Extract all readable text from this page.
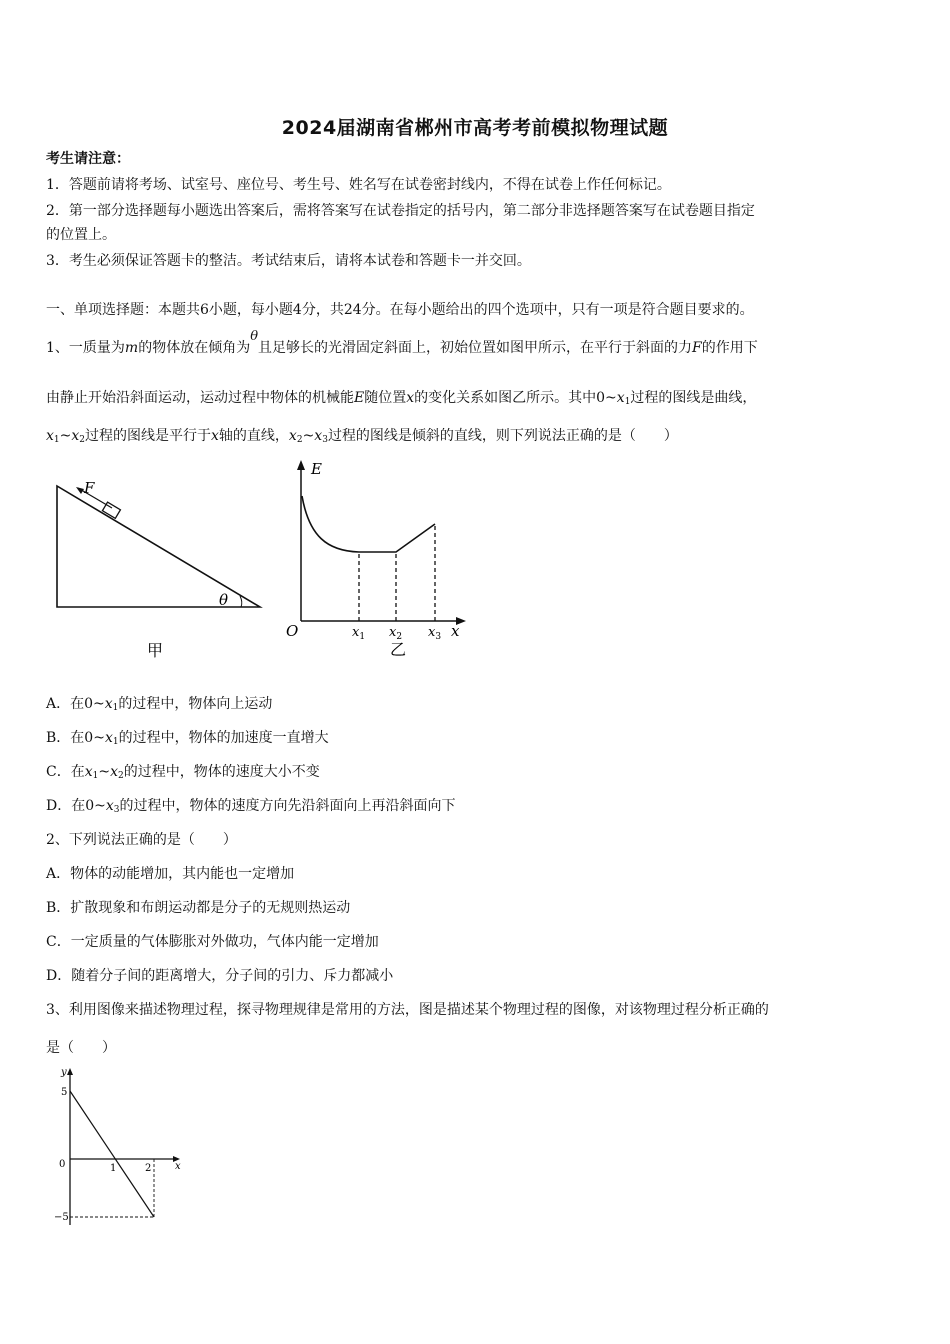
2024届湖南省郴州市高考考前模拟物理试题
考生请注意：
1．答题前请将考场、试室号、座位号、考生号、姓名写在试卷密封线内，不得在试卷上作任何标记。
2．第一部分选择题每小题选出答案后，需将答案写在试卷指定的括号内，第二部分非选择题答案写在试卷题目指定
的位置上。
3．考生必须保证答题卡的整洁。考试结束后，请将本试卷和答题卡一并交回。
一、单项选择题：本题共6小题，每小题4分，共24分。在每小题给出的四个选项中，只有一项是符合题目要求的。
1、一质量为m的物体放在倾角为θ且足够长的光滑固定斜面上，初始位置如图甲所示，在平行于斜面的力F的作用下
由静止开始沿斜面运动，运动过程中物体的机械能E随位置x的变化关系如图乙所示。其中$0\sim x_1$过程的图线是曲线，
$x_1\sim x_2$过程的图线是平行于x轴的直线，$x_2\sim x_3$过程的图线是倾斜的直线，则下列说法正确的是（　　）
F
θ
甲
E
O	$x_1$ $x_2$ $x_3$ x
乙
A．在$0\sim x_1$的过程中，物体向上运动
B．在$0\sim x_1$的过程中，物体的加速度一直增大
C．在$x_1\sim x_2$的过程中，物体的速度大小不变
D．在$0\sim x_3$的过程中，物体的速度方向先沿斜面向上再沿斜面向下
2、下列说法正确的是（　　）
A．物体的动能增加，其内能也一定增加
B．扩散现象和布朗运动都是分子的无规则热运动
C．一定质量的气体膨胀对外做功，气体内能一定增加
D．随着分子间的距离增大，分子间的引力、斥力都减小
3、利用图像来描述物理过程，探寻物理规律是常用的方法，图是描述某个物理过程的图像，对该物理过程分析正确的
是（　　）
y
x
0
5
−5
1	2
